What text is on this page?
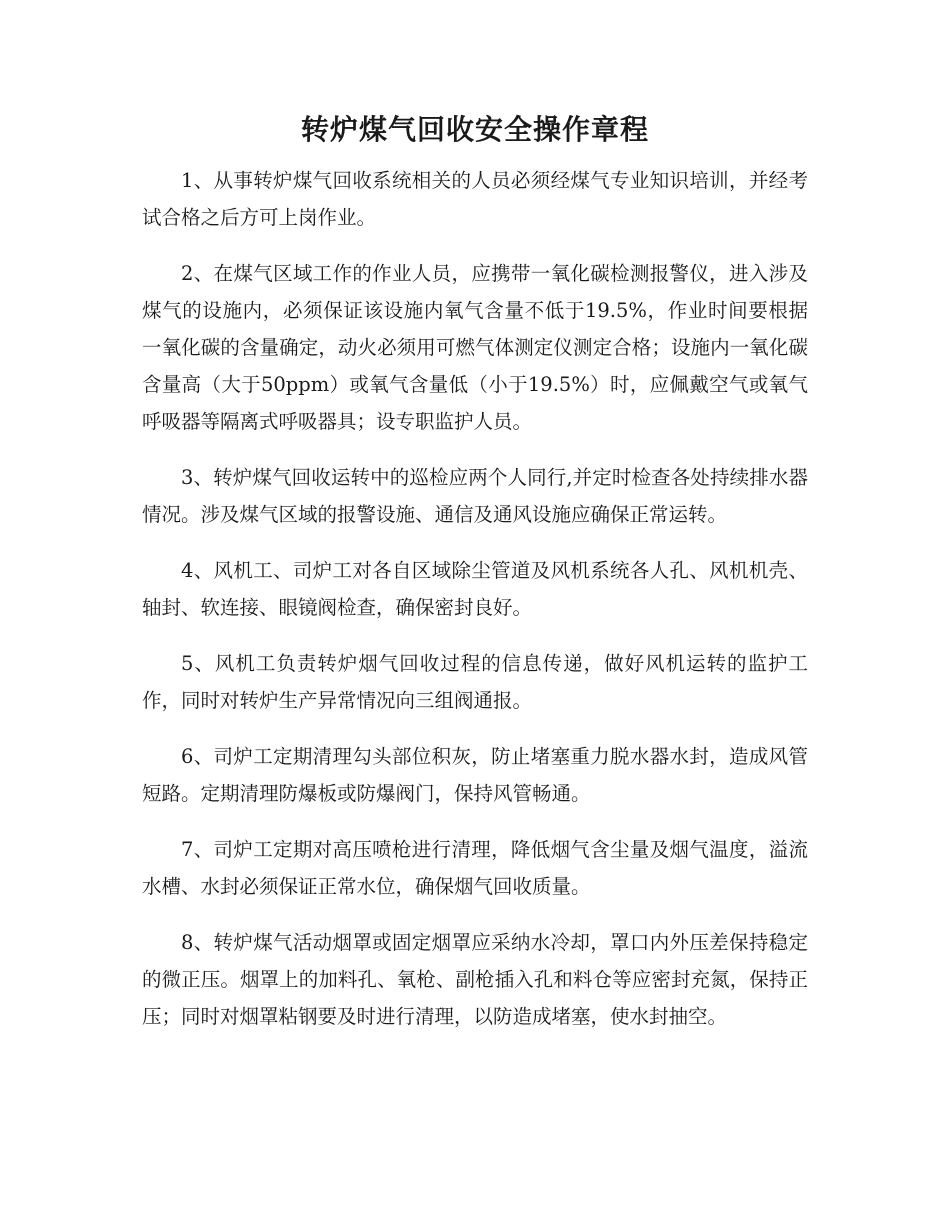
转炉煤气回收安全操作章程

1、从事转炉煤气回收系统相关的人员必须经煤气专业知识培训，并经考试合格之后方可上岗作业。

2、在煤气区域工作的作业人员，应携带一氧化碳检测报警仪，进入涉及煤气的设施内，必须保证该设施内氧气含量不低于19.5%，作业时间要根据一氧化碳的含量确定，动火必须用可燃气体测定仪测定合格；设施内一氧化碳含量高（大于50ppm）或氧气含量低（小于19.5%）时，应佩戴空气或氧气呼吸器等隔离式呼吸器具；设专职监护人员。

3、转炉煤气回收运转中的巡检应两个人同行,并定时检查各处持续排水器情况。涉及煤气区域的报警设施、通信及通风设施应确保正常运转。

4、风机工、司炉工对各自区域除尘管道及风机系统各人孔、风机机壳、轴封、软连接、眼镜阀检查，确保密封良好。

5、风机工负责转炉烟气回收过程的信息传递，做好风机运转的监护工作，同时对转炉生产异常情况向三组阀通报。

6、司炉工定期清理勾头部位积灰，防止堵塞重力脱水器水封，造成风管短路。定期清理防爆板或防爆阀门，保持风管畅通。

7、司炉工定期对高压喷枪进行清理，降低烟气含尘量及烟气温度，溢流水槽、水封必须保证正常水位，确保烟气回收质量。

8、转炉煤气活动烟罩或固定烟罩应采纳水冷却，罩口内外压差保持稳定的微正压。烟罩上的加料孔、氧枪、副枪插入孔和料仓等应密封充氮，保持正压；同时对烟罩粘钢要及时进行清理，以防造成堵塞，使水封抽空。
